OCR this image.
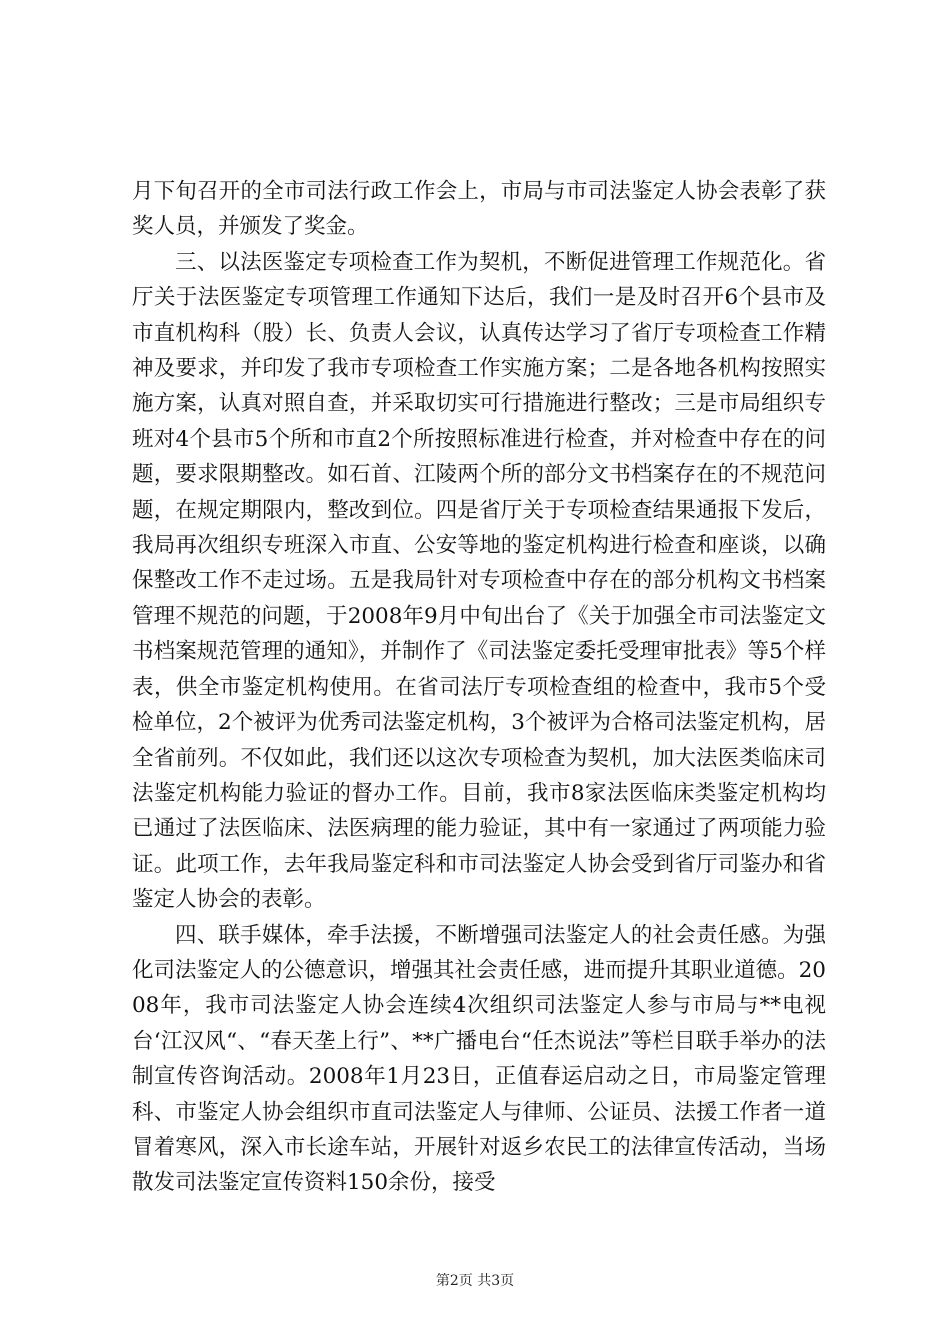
月下旬召开的全市司法行政工作会上，市局与市司法鉴定人协会表彰了获奖人员，并颁发了奖金。

三、以法医鉴定专项检查工作为契机，不断促进管理工作规范化。省厅关于法医鉴定专项管理工作通知下达后，我们一是及时召开6个县市及市直机构科（股）长、负责人会议，认真传达学习了省厅专项检查工作精神及要求，并印发了我市专项检查工作实施方案；二是各地各机构按照实施方案，认真对照自查，并采取切实可行措施进行整改；三是市局组织专班对4个县市5个所和市直2个所按照标准进行检查，并对检查中存在的问题，要求限期整改。如石首、江陵两个所的部分文书档案存在的不规范问题，在规定期限内，整改到位。四是省厅关于专项检查结果通报下发后，我局再次组织专班深入市直、公安等地的鉴定机构进行检查和座谈，以确保整改工作不走过场。五是我局针对专项检查中存在的部分机构文书档案管理不规范的问题，于2008年9月中旬出台了《关于加强全市司法鉴定文书档案规范管理的通知》，并制作了《司法鉴定委托受理审批表》等5个样表，供全市鉴定机构使用。在省司法厅专项检查组的检查中，我市5个受检单位，2个被评为优秀司法鉴定机构，3个被评为合格司法鉴定机构，居全省前列。不仅如此，我们还以这次专项检查为契机，加大法医类临床司法鉴定机构能力验证的督办工作。目前，我市8家法医临床类鉴定机构均已通过了法医临床、法医病理的能力验证，其中有一家通过了两项能力验证。此项工作，去年我局鉴定科和市司法鉴定人协会受到省厅司鉴办和省鉴定人协会的表彰。

四、联手媒体，牵手法援，不断增强司法鉴定人的社会责任感。为强化司法鉴定人的公德意识，增强其社会责任感，进而提升其职业道德。2008年，我市司法鉴定人协会连续4次组织司法鉴定人参与市局与**电视台‘江汉风“、“春天垄上行”、**广播电台“任杰说法”等栏目联手举办的法制宣传咨询活动。2008年1月23日，正值春运启动之日，市局鉴定管理科、市鉴定人协会组织市直司法鉴定人与律师、公证员、法援工作者一道冒着寒风，深入市长途车站，开展针对返乡农民工的法律宣传活动，当场散发司法鉴定宣传资料150余份，接受

第2页 共3页
